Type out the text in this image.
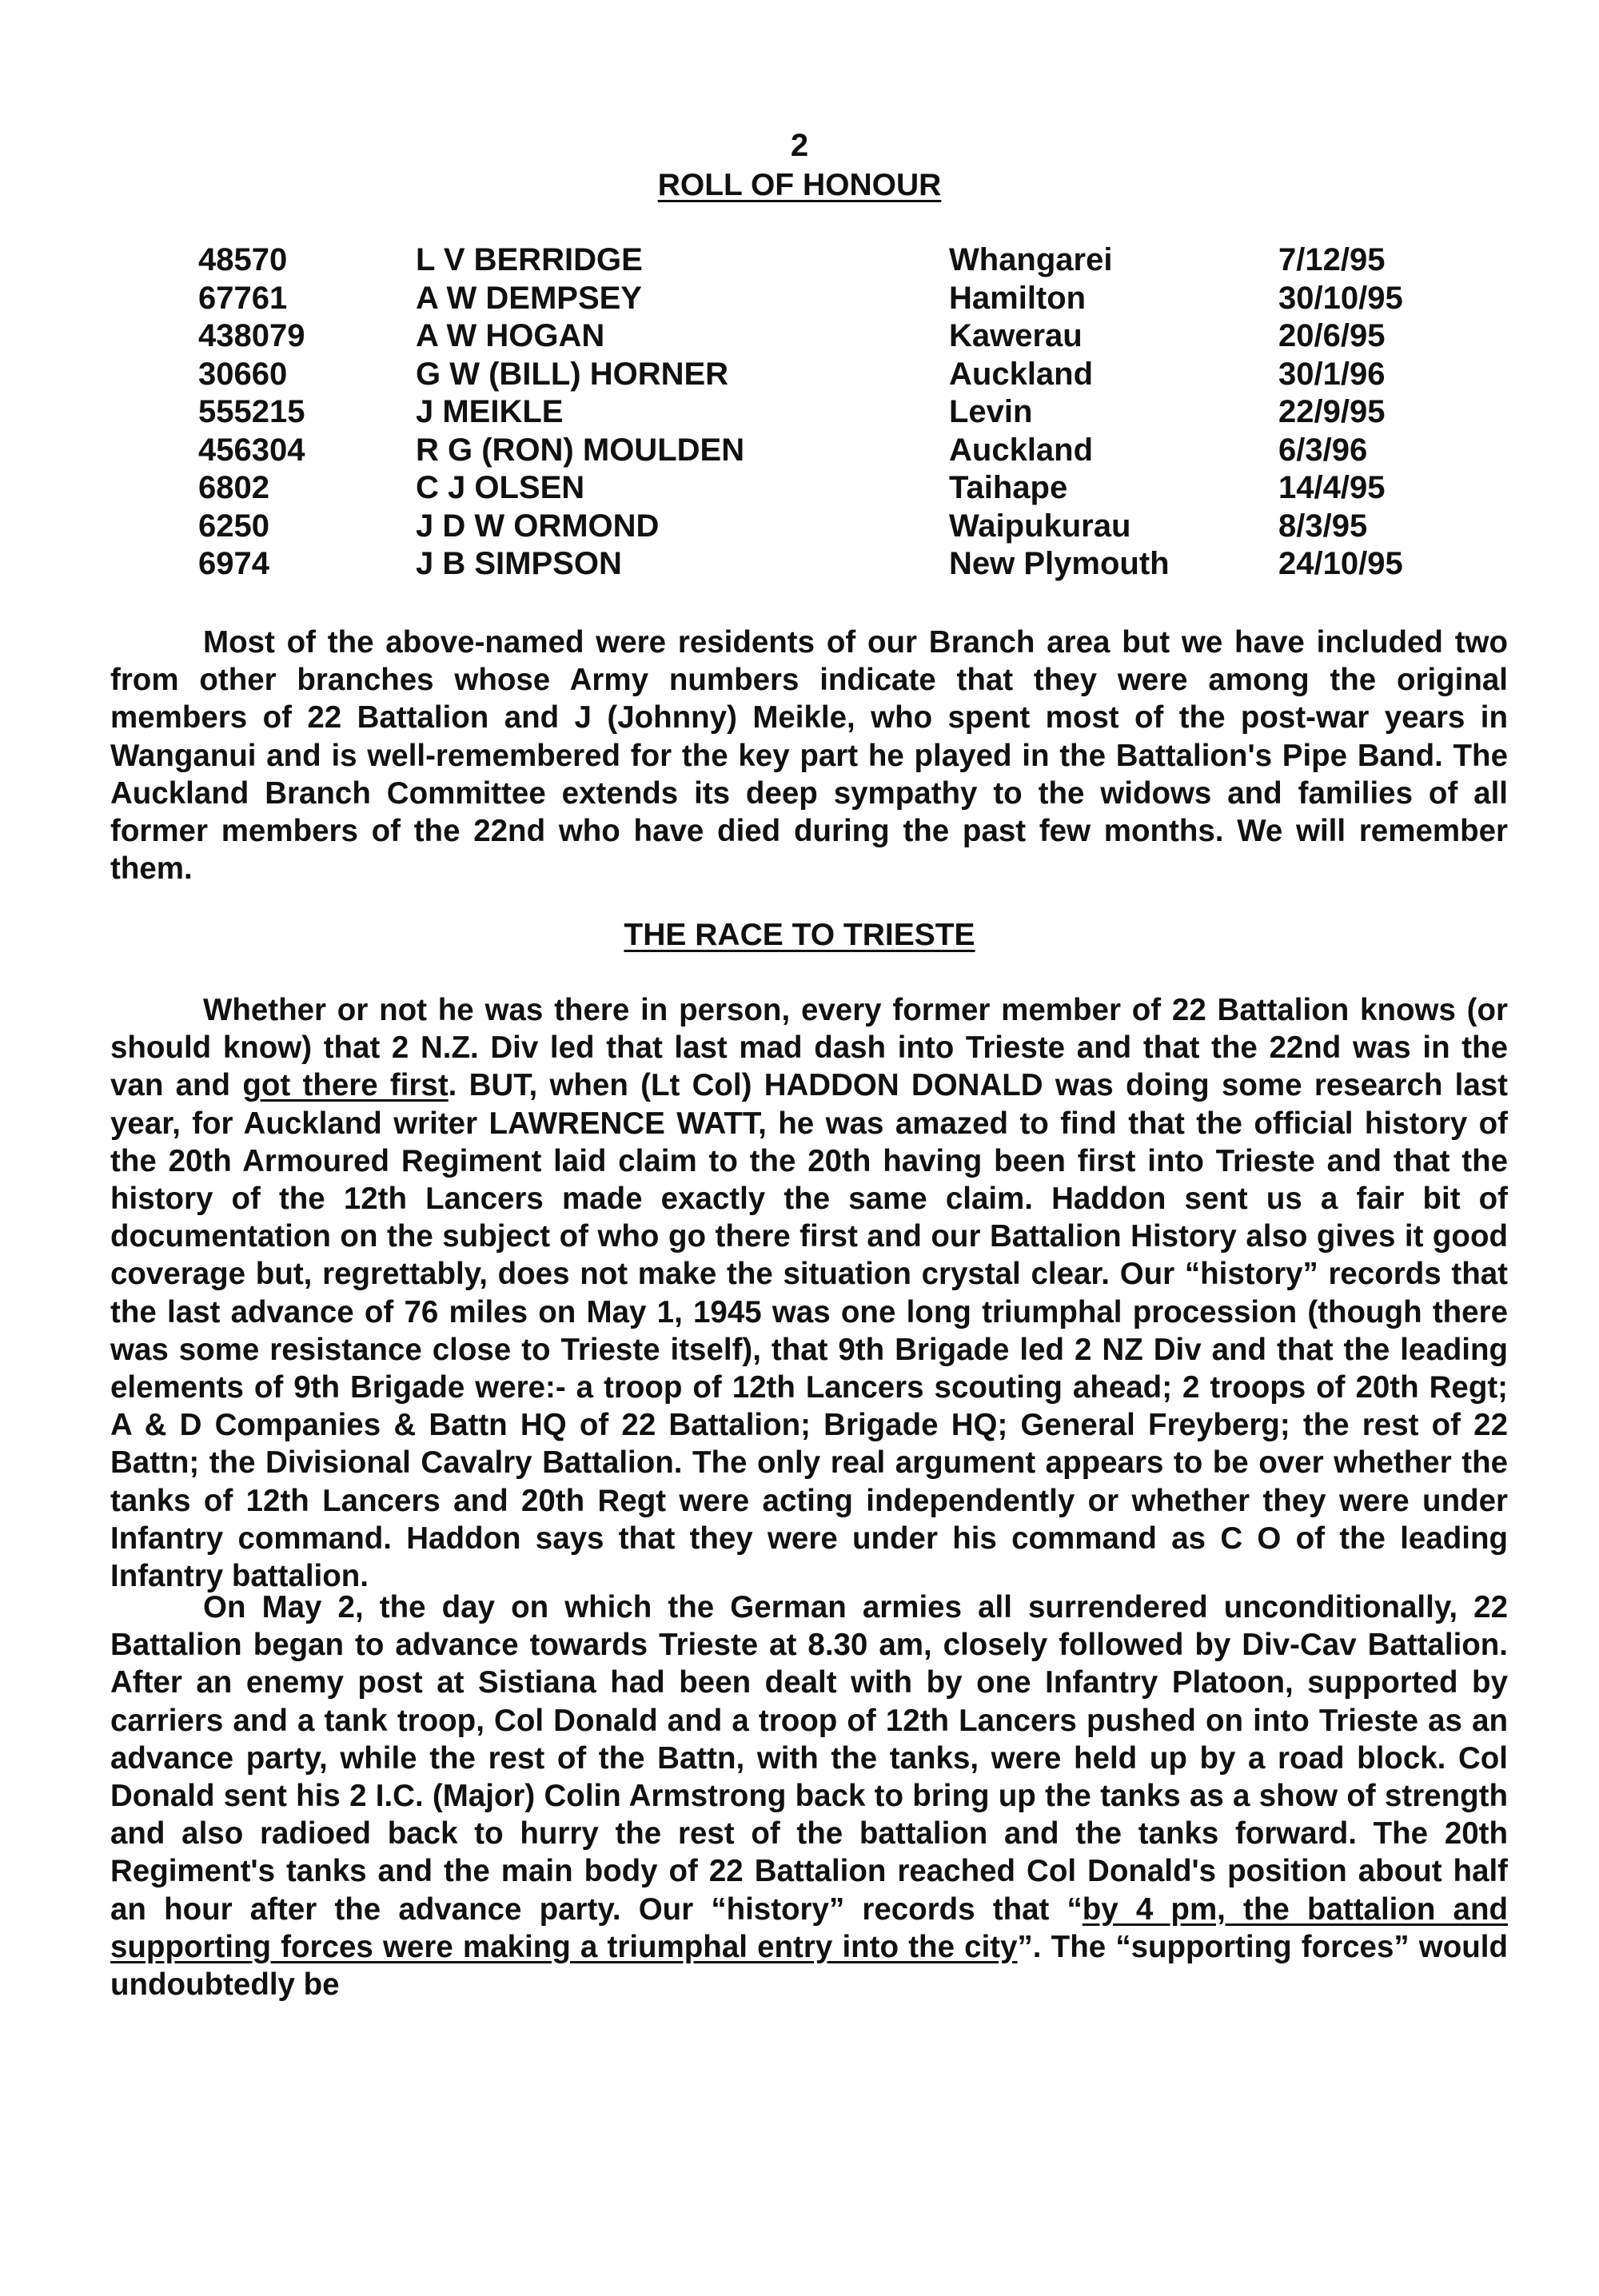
2
ROLL OF HONOUR
48570	L V BERRIDGE	Whangarei	7/12/95
67761	A W DEMPSEY	Hamilton	30/10/95
438079	A W HOGAN	Kawerau	20/6/95
30660	G W (BILL) HORNER	Auckland	30/1/96
555215	J MEIKLE	Levin	22/9/95
456304	R G (RON) MOULDEN	Auckland	6/3/96
6802	C J OLSEN	Taihape	14/4/95
6250	J D W ORMOND	Waipukurau	8/3/95
6974	J B SIMPSON	New Plymouth	24/10/95

Most of the above-named were residents of our Branch area but we have included two from other branches whose Army numbers indicate that they were among the original members of 22 Battalion and J (Johnny) Meikle, who spent most of the post-war years in Wanganui and is well-remembered for the key part he played in the Battalion's Pipe Band. The Auckland Branch Committee extends its deep sympathy to the widows and families of all former members of the 22nd who have died during the past few months. We will remember them.

THE RACE TO TRIESTE

Whether or not he was there in person, every former member of 22 Battalion knows (or should know) that 2 N.Z. Div led that last mad dash into Trieste and that the 22nd was in the van and got there first. BUT, when (Lt Col) HADDON DONALD was doing some research last year, for Auckland writer LAWRENCE WATT, he was amazed to find that the official history of the 20th Armoured Regiment laid claim to the 20th having been first into Trieste and that the history of the 12th Lancers made exactly the same claim. Haddon sent us a fair bit of documentation on the subject of who go there first and our Battalion History also gives it good coverage but, regrettably, does not make the situation crystal clear. Our “history” records that the last advance of 76 miles on May 1, 1945 was one long triumphal procession (though there was some resistance close to Trieste itself), that 9th Brigade led 2 NZ Div and that the leading elements of 9th Brigade were:- a troop of 12th Lancers scouting ahead; 2 troops of 20th Regt; A & D Companies & Battn HQ of 22 Battalion; Brigade HQ; General Freyberg; the rest of 22 Battn; the Divisional Cavalry Battalion. The only real argument appears to be over whether the tanks of 12th Lancers and 20th Regt were acting independently or whether they were under Infantry command. Haddon says that they were under his command as C O of the leading Infantry battalion.

On May 2, the day on which the German armies all surrendered unconditionally, 22 Battalion began to advance towards Trieste at 8.30 am, closely followed by Div-Cav Battalion. After an enemy post at Sistiana had been dealt with by one Infantry Platoon, supported by carriers and a tank troop, Col Donald and a troop of 12th Lancers pushed on into Trieste as an advance party, while the rest of the Battn, with the tanks, were held up by a road block. Col Donald sent his 2 I.C. (Major) Colin Armstrong back to bring up the tanks as a show of strength and also radioed back to hurry the rest of the battalion and the tanks forward. The 20th Regiment's tanks and the main body of 22 Battalion reached Col Donald's position about half an hour after the advance party. Our “history” records that “by 4 pm, the battalion and supporting forces were making a triumphal entry into the city”. The “supporting forces” would undoubtedly be
